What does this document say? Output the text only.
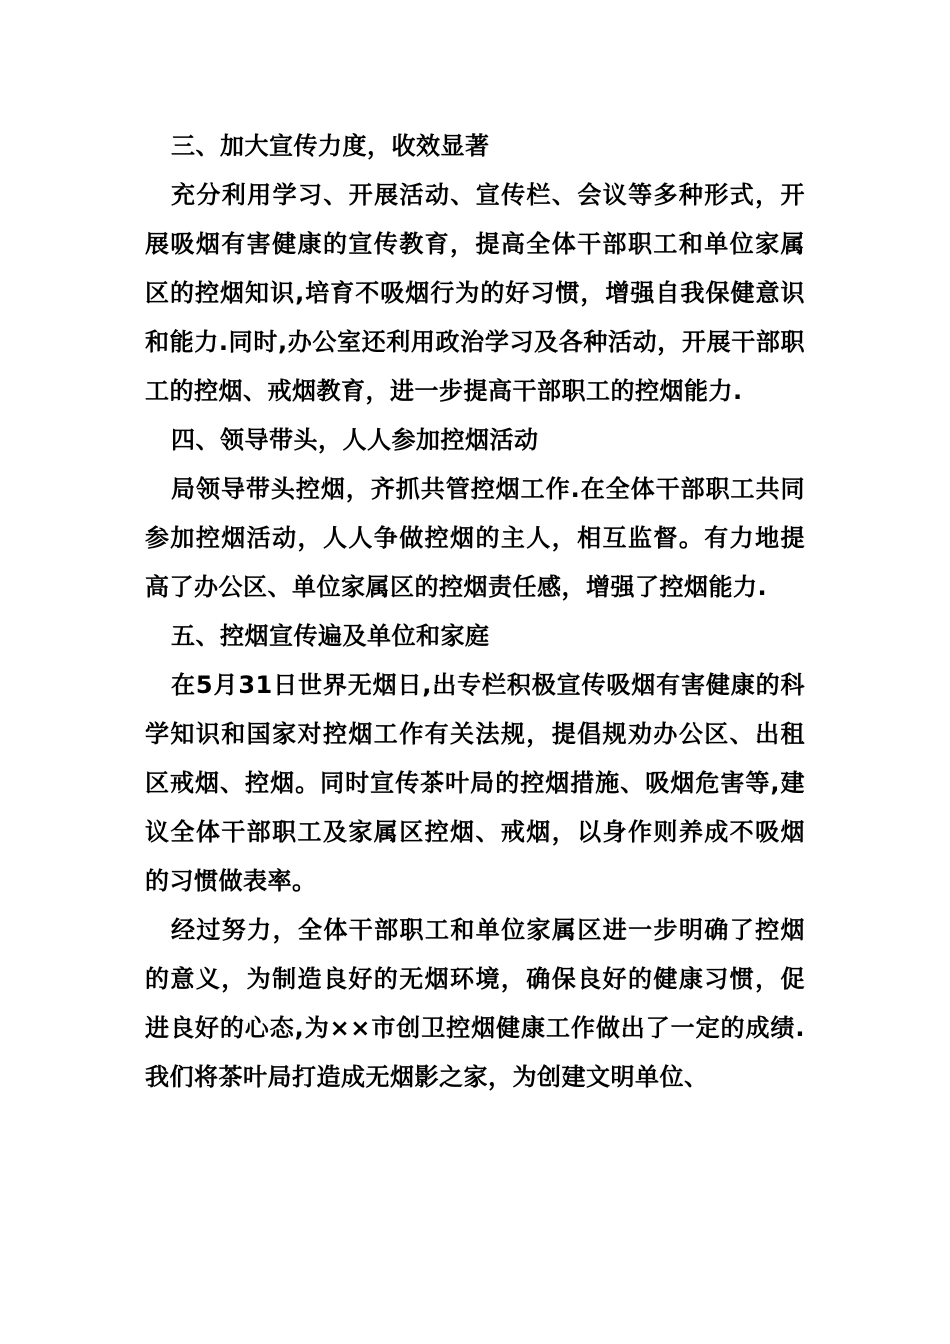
三、加大宣传力度，收效显著

充分利用学习、开展活动、宣传栏、会议等多种形式，开展吸烟有害健康的宣传教育，提高全体干部职工和单位家属区的控烟知识,培育不吸烟行为的好习惯，增强自我保健意识和能力.同时,办公室还利用政治学习及各种活动，开展干部职工的控烟、戒烟教育，进一步提高干部职工的控烟能力.

四、领导带头，人人参加控烟活动

局领导带头控烟，齐抓共管控烟工作.在全体干部职工共同参加控烟活动，人人争做控烟的主人，相互监督。有力地提高了办公区、单位家属区的控烟责任感，增强了控烟能力.

五、控烟宣传遍及单位和家庭

在5月31日世界无烟日,出专栏积极宣传吸烟有害健康的科学知识和国家对控烟工作有关法规，提倡规劝办公区、出租区戒烟、控烟。同时宣传茶叶局的控烟措施、吸烟危害等,建议全体干部职工及家属区控烟、戒烟，以身作则养成不吸烟的习惯做表率。

经过努力，全体干部职工和单位家属区进一步明确了控烟的意义，为制造良好的无烟环境，确保良好的健康习惯，促进良好的心态,为××市创卫控烟健康工作做出了一定的成绩.我们将茶叶局打造成无烟影之家，为创建文明单位、
